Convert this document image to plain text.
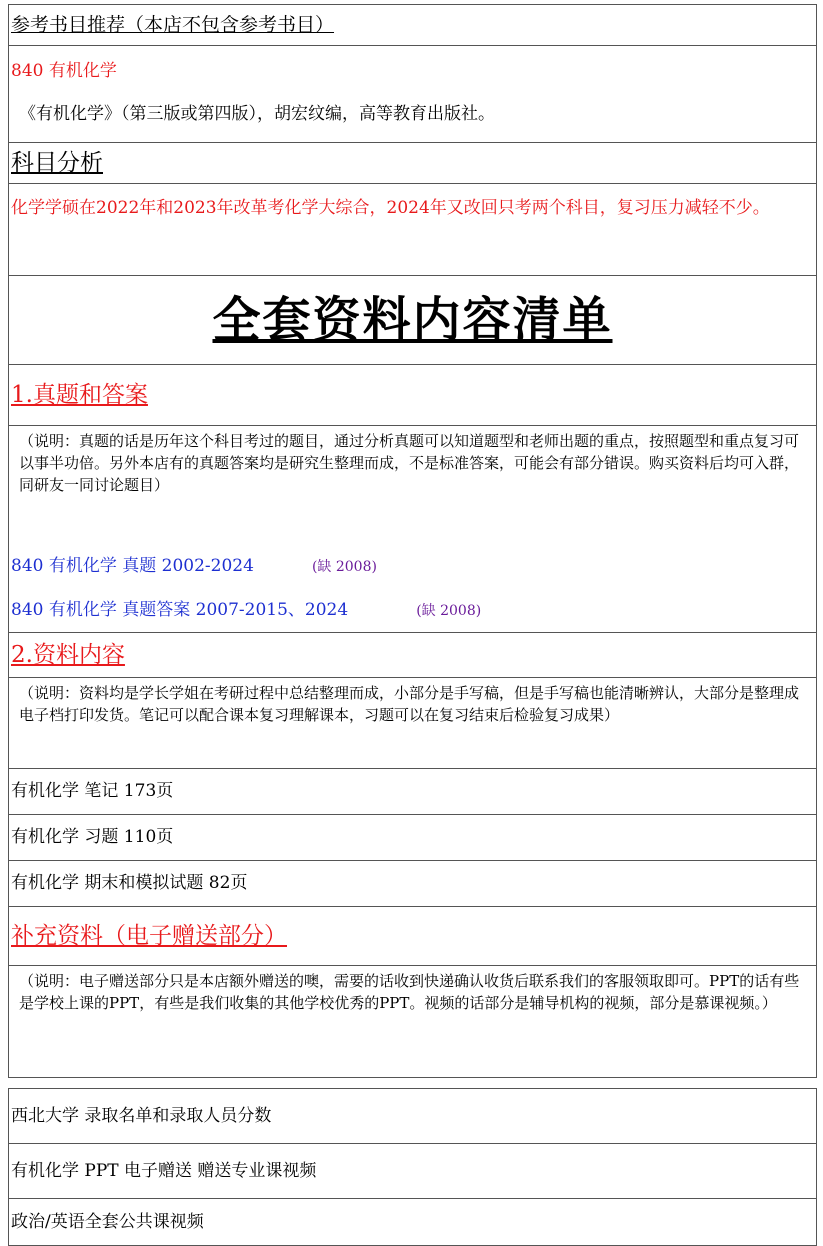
参考书目推荐（本店不包含参考书目）

840 有机化学
《有机化学》（第三版或第四版），胡宏纹编，高等教育出版社。

科目分析
化学学硕在2022年和2023年改革考化学大综合，2024年又改回只考两个科目，复习压力减轻不少。
全套资料内容清单
1.真题和答案

（说明：真题的话是历年这个科目考过的题目，通过分析真题可以知道题型和老师出题的重点，按照题型和重点复习可以事半功倍。另外本店有的真题答案均是研究生整理而成，不是标准答案，可能会有部分错误。购买资料后均可入群，同研友一同讨论题目）
840 有机化学 真题 2002-2024	(缺 2008)
840 有机化学 真题答案 2007-2015、2024	(缺 2008)

2.资料内容

（说明：资料均是学长学姐在考研过程中总结整理而成，小部分是手写稿，但是手写稿也能清晰辨认，大部分是整理成电子档打印发货。笔记可以配合课本复习理解课本，习题可以在复习结束后检验复习成果）

有机化学 笔记 173页
有机化学 习题 110页
有机化学 期末和模拟试题 82页
补充资料（电子赠送部分）

（说明：电子赠送部分只是本店额外赠送的噢，需要的话收到快递确认收货后联系我们的客服领取即可。PPT的话有些是学校上课的PPT，有些是我们收集的其他学校优秀的PPT。视频的话部分是辅导机构的视频，部分是慕课视频。）

西北大学 录取名单和录取人员分数
有机化学 PPT 电子赠送 赠送专业课视频
政治/英语全套公共课视频
